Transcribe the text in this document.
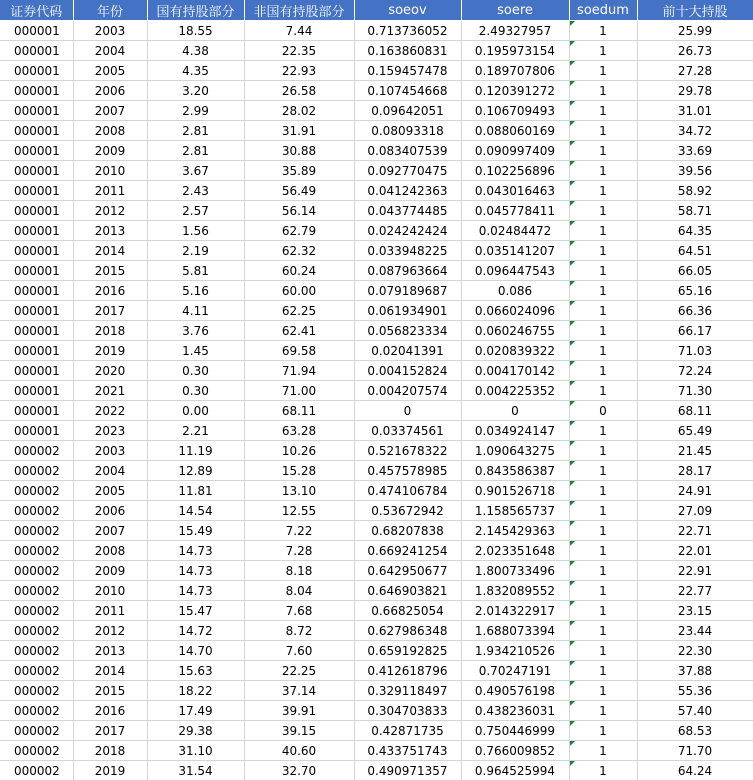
证券代码	年份	国有持股部分	非国有持股部分	soeov	soere	soedum	前十大持股
000001	2003	18.55	7.44	0.713736052	2.49327957	1	25.99
000001	2004	4.38	22.35	0.163860831	0.195973154	1	26.73
000001	2005	4.35	22.93	0.159457478	0.189707806	1	27.28
000001	2006	3.20	26.58	0.107454668	0.120391272	1	29.78
000001	2007	2.99	28.02	0.09642051	0.106709493	1	31.01
000001	2008	2.81	31.91	0.08093318	0.088060169	1	34.72
000001	2009	2.81	30.88	0.083407539	0.090997409	1	33.69
000001	2010	3.67	35.89	0.092770475	0.102256896	1	39.56
000001	2011	2.43	56.49	0.041242363	0.043016463	1	58.92
000001	2012	2.57	56.14	0.043774485	0.045778411	1	58.71
000001	2013	1.56	62.79	0.024242424	0.02484472	1	64.35
000001	2014	2.19	62.32	0.033948225	0.035141207	1	64.51
000001	2015	5.81	60.24	0.087963664	0.096447543	1	66.05
000001	2016	5.16	60.00	0.079189687	0.086	1	65.16
000001	2017	4.11	62.25	0.061934901	0.066024096	1	66.36
000001	2018	3.76	62.41	0.056823334	0.060246755	1	66.17
000001	2019	1.45	69.58	0.02041391	0.020839322	1	71.03
000001	2020	0.30	71.94	0.004152824	0.004170142	1	72.24
000001	2021	0.30	71.00	0.004207574	0.004225352	1	71.30
000001	2022	0.00	68.11	0	0	0	68.11
000001	2023	2.21	63.28	0.03374561	0.034924147	1	65.49
000002	2003	11.19	10.26	0.521678322	1.090643275	1	21.45
000002	2004	12.89	15.28	0.457578985	0.843586387	1	28.17
000002	2005	11.81	13.10	0.474106784	0.901526718	1	24.91
000002	2006	14.54	12.55	0.53672942	1.158565737	1	27.09
000002	2007	15.49	7.22	0.68207838	2.145429363	1	22.71
000002	2008	14.73	7.28	0.669241254	2.023351648	1	22.01
000002	2009	14.73	8.18	0.642950677	1.800733496	1	22.91
000002	2010	14.73	8.04	0.646903821	1.832089552	1	22.77
000002	2011	15.47	7.68	0.66825054	2.014322917	1	23.15
000002	2012	14.72	8.72	0.627986348	1.688073394	1	23.44
000002	2013	14.70	7.60	0.659192825	1.934210526	1	22.30
000002	2014	15.63	22.25	0.412618796	0.70247191	1	37.88
000002	2015	18.22	37.14	0.329118497	0.490576198	1	55.36
000002	2016	17.49	39.91	0.304703833	0.438236031	1	57.40
000002	2017	29.38	39.15	0.42871735	0.750446999	1	68.53
000002	2018	31.10	40.60	0.433751743	0.766009852	1	71.70
000002	2019	31.54	32.70	0.490971357	0.964525994	1	64.24
